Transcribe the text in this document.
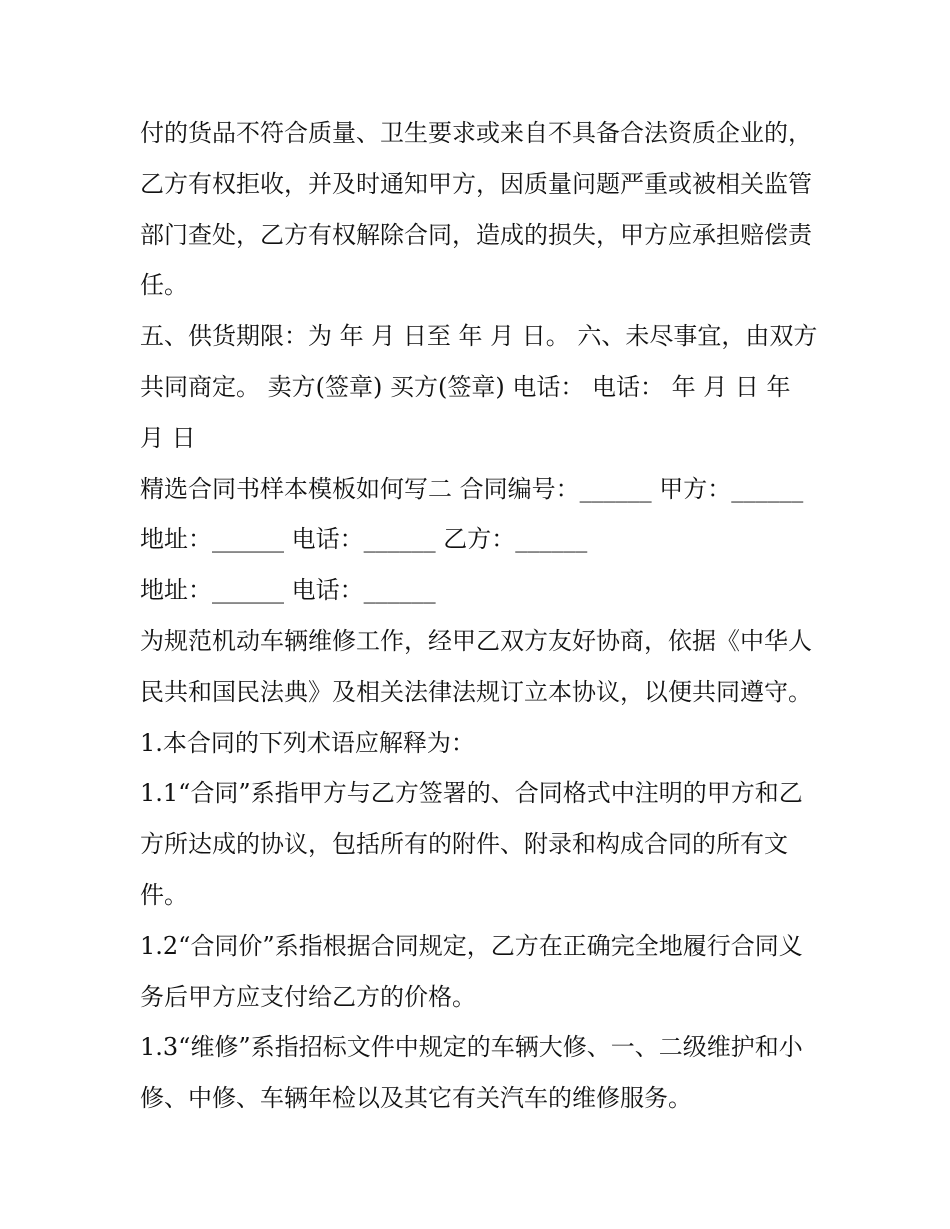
付的货品不符合质量、卫生要求或来自不具备合法资质企业的，乙方有权拒收，并及时通知甲方，因质量问题严重或被相关监管部门查处，乙方有权解除合同，造成的损失，甲方应承担赔偿责任。

五、供货期限：为 年 月 日至 年 月 日。 六、未尽事宜，由双方共同商定。 卖方(签章) 买方(签章) 电话： 电话： 年 月 日 年 月 日

精选合同书样本模板如何写二 合同编号：______ 甲方：______ 地址：______ 电话：______ 乙方：______

地址：______ 电话：______

为规范机动车辆维修工作，经甲乙双方友好协商，依据《中华人民共和国民法典》及相关法律法规订立本协议，以便共同遵守。 1.本合同的下列术语应解释为：

1.1“合同”系指甲方与乙方签署的、合同格式中注明的甲方和乙方所达成的协议，包括所有的附件、附录和构成合同的所有文件。

1.2“合同价”系指根据合同规定，乙方在正确完全地履行合同义务后甲方应支付给乙方的价格。

1.3“维修”系指招标文件中规定的车辆大修、一、二级维护和小修、中修、车辆年检以及其它有关汽车的维修服务。
